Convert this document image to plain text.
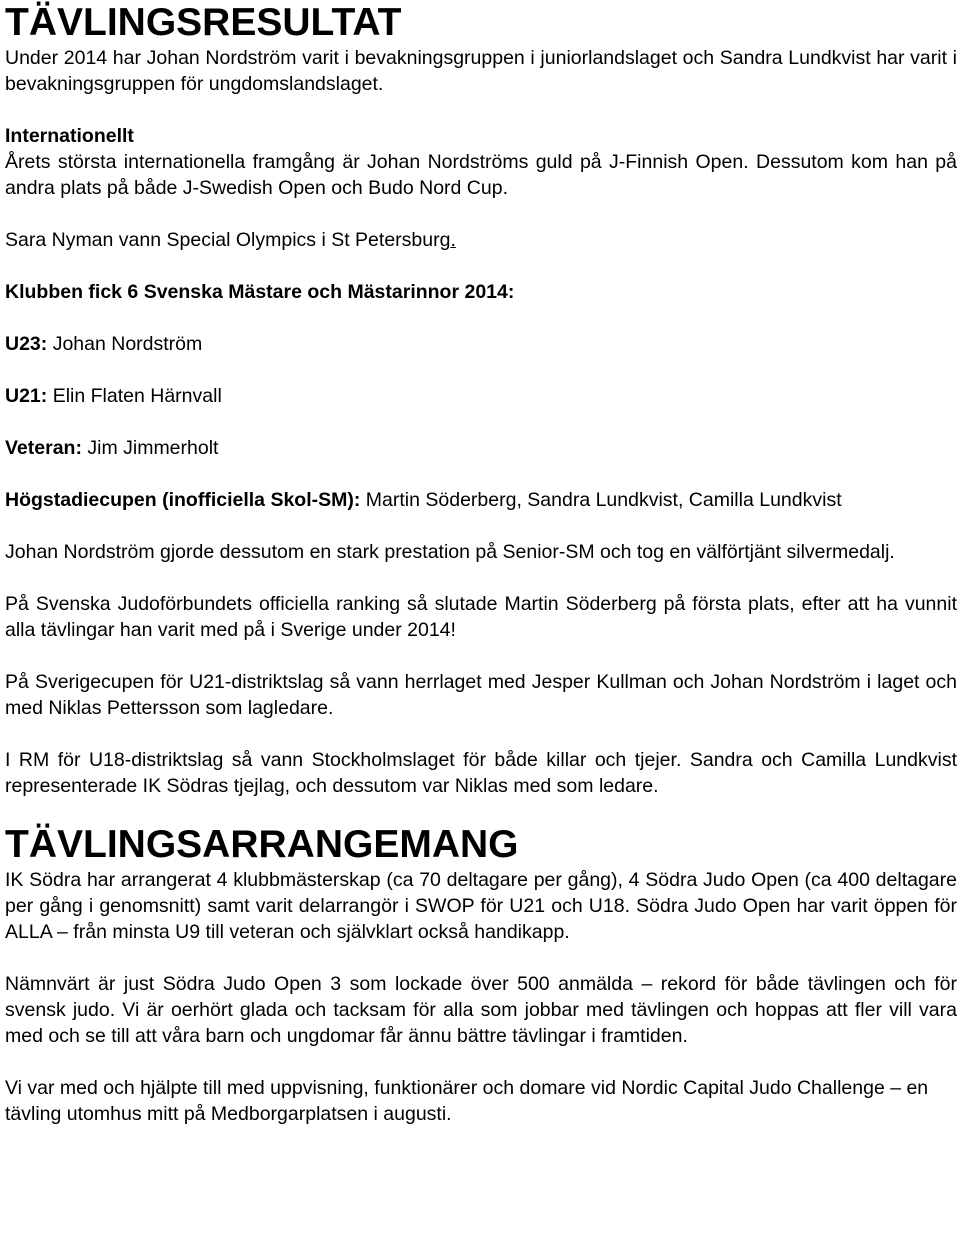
TÄVLINGSRESULTAT

Under 2014 har Johan Nordström varit i bevakningsgruppen i juniorlandslaget och Sandra Lundkvist har varit i bevakningsgruppen för ungdomslandslaget.

Internationellt

Årets största internationella framgång är Johan Nordströms guld på J-Finnish Open. Dessutom kom han på andra plats på både J-Swedish Open och Budo Nord Cup.

Sara Nyman vann Special Olympics i St Petersburg.

Klubben fick 6 Svenska Mästare och Mästarinnor 2014:

U23: Johan Nordström

U21: Elin Flaten Härnvall

Veteran: Jim Jimmerholt

Högstadiecupen (inofficiella Skol-SM): Martin Söderberg, Sandra Lundkvist, Camilla Lundkvist

Johan Nordström gjorde dessutom en stark prestation på Senior-SM och tog en välförtjänt silvermedalj.

På Svenska Judoförbundets officiella ranking så slutade Martin Söderberg på första plats, efter att ha vunnit alla tävlingar han varit med på i Sverige under 2014!

På Sverigecupen för U21-distriktslag så vann herrlaget med Jesper Kullman och Johan Nordström i laget och med Niklas Pettersson som lagledare.

I RM för U18-distriktslag så vann Stockholmslaget för både killar och tjejer. Sandra och Camilla Lundkvist representerade IK Södras tjejlag, och dessutom var Niklas med som ledare.

TÄVLINGSARRANGEMANG

IK Södra har arrangerat 4 klubbmästerskap (ca 70 deltagare per gång), 4 Södra Judo Open (ca 400 deltagare per gång i genomsnitt) samt varit delarrangör i SWOP för U21 och U18. Södra Judo Open har varit öppen för ALLA – från minsta U9 till veteran och självklart också handikapp.

Nämnvärt är just Södra Judo Open 3 som lockade över 500 anmälda – rekord för både tävlingen och för svensk judo. Vi är oerhört glada och tacksam för alla som jobbar med tävlingen och hoppas att fler vill vara med och se till att våra barn och ungdomar får ännu bättre tävlingar i framtiden.

Vi var med och hjälpte till med uppvisning, funktionärer och domare vid Nordic Capital Judo Challenge – en tävling utomhus mitt på Medborgarplatsen i augusti.
